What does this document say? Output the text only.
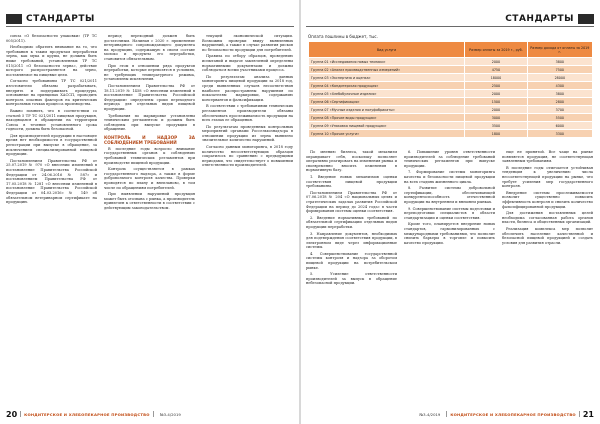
СТАНДАРТЫ

союза «О безопасности упаковки» (ТР ТС 005/2011).

Необходимо обратить внимание на то, что требования к таким продуктам переработки зерна, как мука и крупы, не должны быть ниже требований, установленных ТР ТС 015/2011 «О безопасности зерна», действие которого распространяется на зерно, поставляемое на пищевые цели.

Согласно требованиям ТР ТС 021/2011 изготовители обязаны разрабатывать, внедрять и поддерживать процедуры, основанные на принципах ХАССП, проводить контроль опасных факторов на критических контрольных точках процесса производства.

Важно помнить, что в соответствии со статьей 5 ТР ТС 021/2011 пищевая продукция, находящаяся в обращении на территории Союза в течение установленного срока годности, должна быть безопасной.

Для производителей продукции в настоящее время нет необходимости в государственной регистрации при выпуске в обращение, за исключением специализированной пищевой продукции.

Постановлением Правительства РФ от 25.07.2019 № 970 «О внесении изменений в постановление Правительства Российской Федерации от 24.06.2016 № 587» и постановлением Правительства РФ от 17.05.2018 № 1281 «О внесении изменений в постановление Правительства Российской Федерации от 04.03.2016» № 149 об обязательном ветеринарном сертификате на продукцию.

период переходный должен быть достаточным. Начиная с 2020 г. применение ветеринарного сопровождающего документа на продукцию, содержащую в своем составе молоко и продукты его переработки, становится обязательным.

При этом в отношении ряда продуктов переработки, которые перевозятся в условиях, не требующих температурного режима, установлены исключения.

Постановлением Правительства РФ от 18.11.2019 № 1458 «О внесении изменений в постановление Правительства Российской Федерации» определены сроки переходного периода для отдельных видов пищевой продукции.

Требования по маркировке установлены техническим регламентом и должны быть соблюдены при выпуске продукции в обращение.

КОНТРОЛЬ И НАДЗОР ЗА СОБЛЮДЕНИЕМ ТРЕБОВАНИЙ

В последние годы возросло внимание государственных органов к соблюдению требований технических регламентов при производстве пищевой продукции.

Контроль осуществляется в рамках государственного надзора, а также в форме добровольного контроля качества. Проверки проводятся по плану и внепланово, в том числе по обращениям потребителей.

При выявлении нарушений продукция может быть отозвана с рынка, а производитель привлечен к ответственности в соответствии с действующим законодательством.

текущей экономической ситуации. Возможны проверки ввиду выявленных нарушений, а также в случае развития рисков по безопасности продукции для потребителей.

Правила по отбору образцов, проведению испытаний и выдаче заключений определены нормативными документами и должны соблюдаться всеми участниками процесса.

По результатам анализа данных мониторинга пищевой продукции за 2018 год, среди выявленных случаев несоответствия наиболее распространены нарушения по показателям маркировки, содержанию консервантов и фальсификации.

В соответствии с требованиями технических регламентов производители обязаны обеспечивать прослеживаемость продукции на всех этапах ее обращения.

По результатам проведенных контрольных мероприятий органами Россельхознадзора в отношении продукции из зерна выявлено значительное количество нарушений.

Согласно данным мониторинга, в 2018 году количество несоответствующих образцов сократилось по сравнению с предыдущими периодами, что свидетельствует о повышении ответственности производителей.

20 КОНДИТЕРСКОЕ И ХЛЕБОПЕКАРНОЕ ПРОИЗВОДСТВО	№3-4/2019
СТАНДАРТЫ
Оплата пошлины в бюджет, тыс.
Вид услуги	Размер оплаты за 2019 г., руб.	Размер дохода от оплаты за 2019 г.
Группа 01 «Исследования новых техники»	2000	3800
Группа 02 «Анализ производственных измерений»	4750	7500
Группа 03 «Экспертиза и оценка»	18000	28000
Группа 04 «Кондитерская продукция»	2500	4300
Группа 05 «Хлебобулочные изделия»	2000	3800
Группа 06 «Сертификация»	1500	2800
Группа 07 «Мучные изделия и полуфабрикаты»	2000	3700
Группа 08 «Прочие виды продукции»	3000	5500
Группа 09 «Упаковка пищевой продукции»	3500	6000
Группа 10 «Прочие услуги»	1800	3300

По мнению бизнеса, такой механизм оправдывает себя, поскольку позволяет оперативно реагировать на изменения рынка и своевременно вносить изменения в нормативную базу.

1. Введение новых механизмов оценки соответствия пищевой продукции требованиям.

Постановлением Правительства РФ от 07.06.2018 № 204 «О национальных целях и стратегических задачах развития Российской Федерации на период до 2024 года» в части формирования системы оценки соответствия.

2. Введение нормативных требований по обязательной сертификации отдельных видов продукции переработки.

3. Направление документов, необходимых для подтверждения соответствия продукции, в электронном виде через информационные системы.

4. Совершенствование государственной системы контроля и надзора за оборотом пищевой продукции на потребительском рынке.

5. Усиление ответственности производителей за выпуск в обращение небезопасной продукции.

6. Повышение уровня ответственности производителей за соблюдение требований технических регламентов при выпуске продукции.

7. Формирование системы мониторинга качества и безопасности пищевой продукции на всех стадиях жизненного цикла.

8. Развитие системы добровольной сертификации, обеспечивающей конкурентоспособность отечественной продукции на внутреннем и внешнем рынках.

9. Совершенствование системы подготовки и переподготовки специалистов в области стандартизации и оценки соответствия.

Кроме того, планируется внедрение новых стандартов, гармонизированных с международными требованиями, что позволит снизить барьеры в торговле и повысить качество продукции.

еще не принятой. Все чаще на рынке появляется продукция, не соответствующая заявленным требованиям.

В последние годы отмечается устойчивая тенденция к увеличению числа несоответствующей продукции на рынке, что требует усиления мер государственного контроля.

Внедрение системы прослеживаемости позволит существенно повысить эффективность контроля и снизить количество фальсифицированной продукции.

Для достижения поставленных целей необходима согласованная работа органов власти, бизнеса и общественных организаций.

Реализация комплекса мер позволит обеспечить население качественной и безопасной пищевой продукцией и создать условия для развития отрасли.

№3-4/2019	КОНДИТЕРСКОЕ И ХЛЕБОПЕКАРНОЕ ПРОИЗВОДСТВО 21
